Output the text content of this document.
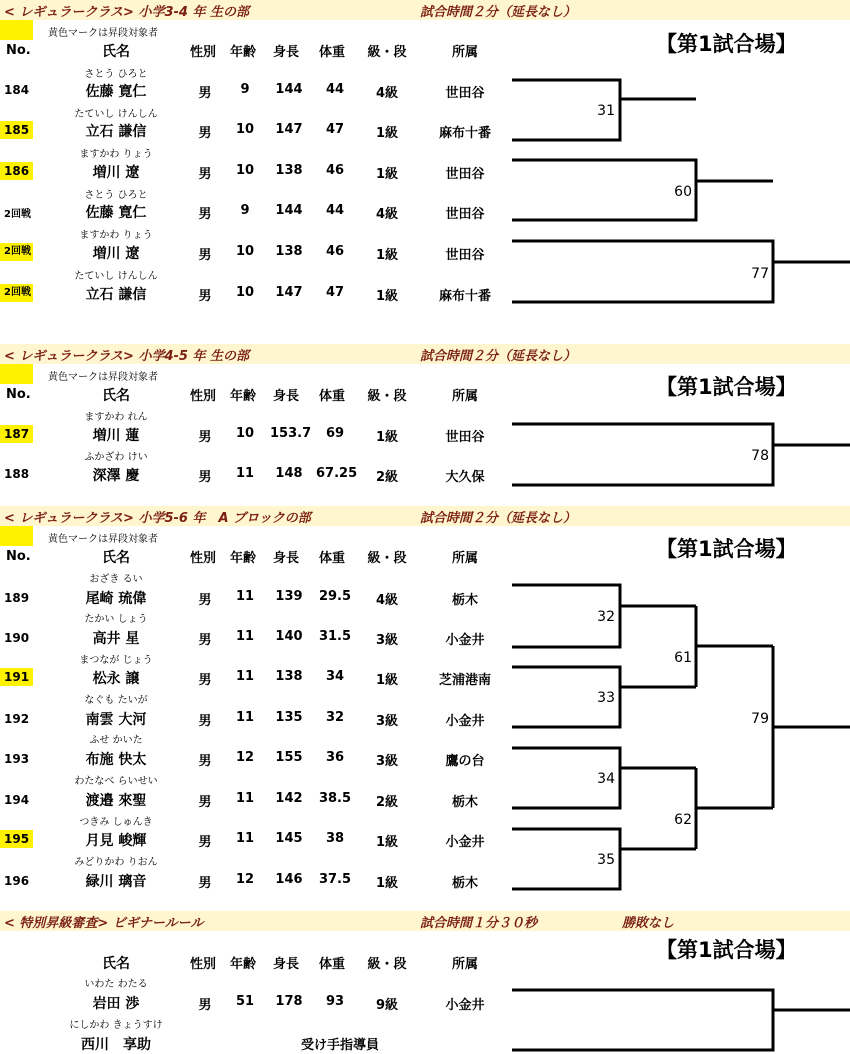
< レギュラークラス> 小学3-4 年 生の部	試合時間２分（延長なし）
黄色マークは昇段対象者	【第1試合場】
No.	氏名	性別 年齢 身長 体重 級・段	所属
さとう ひろと
184	佐藤 寛仁	男	9	144	44	4級	世田谷
たていし けんしん
185	立石 謙信	男	10	147	47	1級	麻布十番
ますかわ りょう
186	増川 遼	男	10	138	46	1級	世田谷
さとう ひろと
2回戦	佐藤 寛仁	男	9	144	44	4級	世田谷
ますかわ りょう
2回戦	増川 遼	男	10	138	46	1級	世田谷
たていし けんしん
2回戦	立石 謙信	男	10	147	47	1級	麻布十番
< レギュラークラス> 小学4-5 年 生の部	試合時間２分（延長なし）
黄色マークは昇段対象者	【第1試合場】
No.	氏名	性別 年齢 身長 体重 級・段	所属
ますかわ れん
187	増川 蓮	男	10	153.7	69	1級	世田谷
ふかざわ けい
188	深澤 慶	男	11	148	67.25	2級	大久保
< レギュラークラス> 小学5-6 年　A ブロックの部	試合時間２分（延長なし）
黄色マークは昇段対象者	【第1試合場】
No.	氏名	性別 年齢 身長 体重 級・段	所属
おざき るい
189	尾崎 琉偉	男	11	139	29.5	4級	栃木
たかい しょう
190	高井 星	男	11	140	31.5	3級	小金井
まつなが じょう
191	松永 譲	男	11	138	34	1級	芝浦港南
なぐも たいが
192	南雲 大河	男	11	135	32	3級	小金井
ふせ かいた
193	布施 快太	男	12	155	36	3級	鷹の台
わたなべ らいせい
194	渡邉 來聖	男	11	142	38.5	2級	栃木
つきみ しゅんき
195	月見 峻輝	男	11	145	38	1級	小金井
みどりかわ りおん
196	緑川 璃音	男	12	146	37.5	1級	栃木
< 特別昇級審査> ビギナールール	試合時間１分３０秒	勝敗なし
【第1試合場】
氏名	性別 年齢 身長 体重 級・段	所属
いわた わたる
岩田 渉	男	51	178	93	9級	小金井
にしかわ きょうすけ
西川　享助	受け手指導員
31
60
77
78
32
33
34
35
61
62
79
